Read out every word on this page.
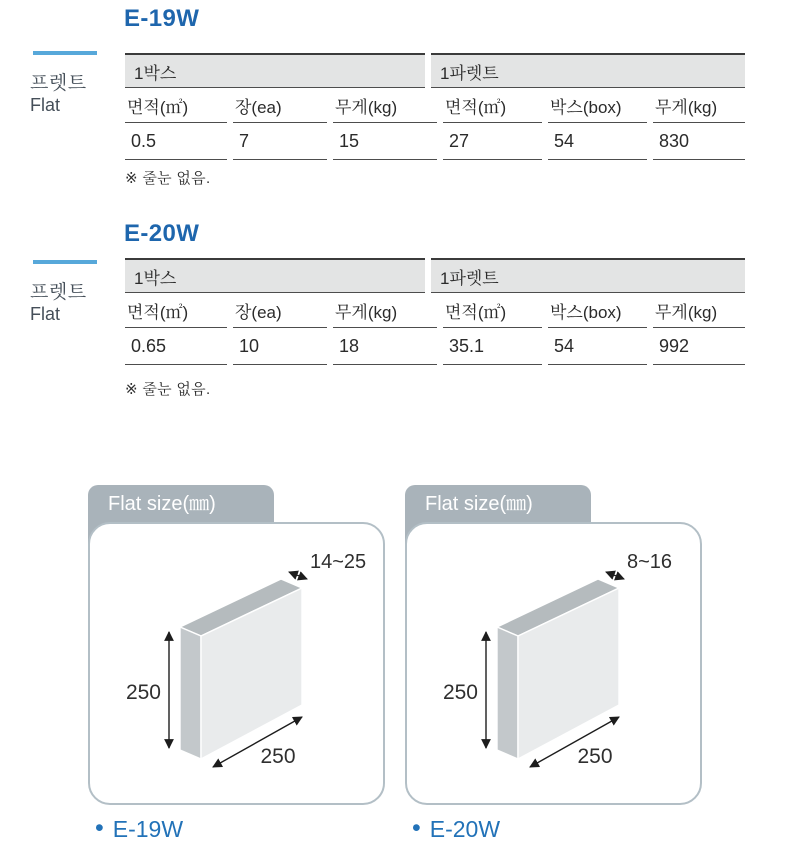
E-19W
프렛트
Flat
1박스	1파렛트
면적(㎡)	장(ea)	무게(kg)	면적(㎡)	박스(box)	무게(kg)
0.5	7	15	27	54	830
※ 줄눈 없음.
E-20W
프렛트
Flat
1박스	1파렛트
면적(㎡)	장(ea)	무게(kg)	면적(㎡)	박스(box)	무게(kg)
0.65	10	18	35.1	54	992
※ 줄눈 없음.
Flat size(㎜)
250
250
14~25
• E-19W
Flat size(㎜)
250
250
8~16
• E-20W
